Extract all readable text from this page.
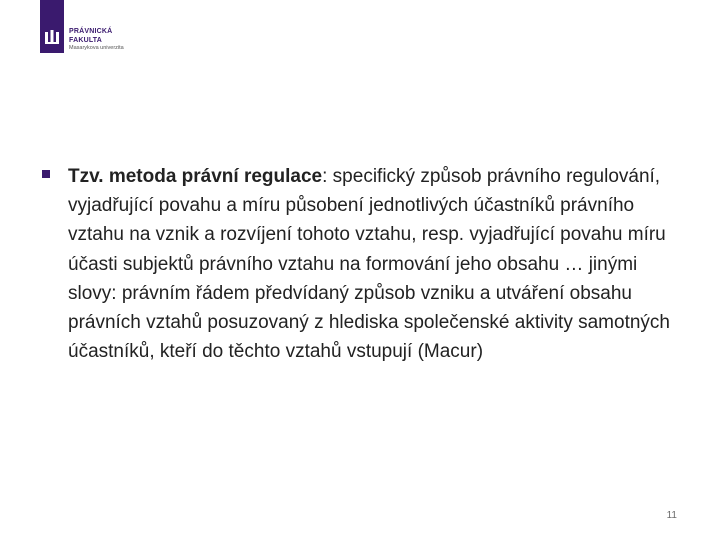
PRÁVNICKÁ
FAKULTA
Masarykova univerzita
Tzv. metoda právní regulace: specifický způsob právního regulování, vyjadřující povahu a míru působení jednotlivých účastníků právního vztahu na vznik a rozvíjení tohoto vztahu, resp. vyjadřující povahu míru účasti subjektů právního vztahu na formování jeho obsahu … jinými slovy: právním řádem předvídaný způsob vzniku a utváření obsahu právních vztahů posuzovaný z hlediska společenské aktivity samotných účastníků, kteří do těchto vztahů vstupují (Macur)
11
